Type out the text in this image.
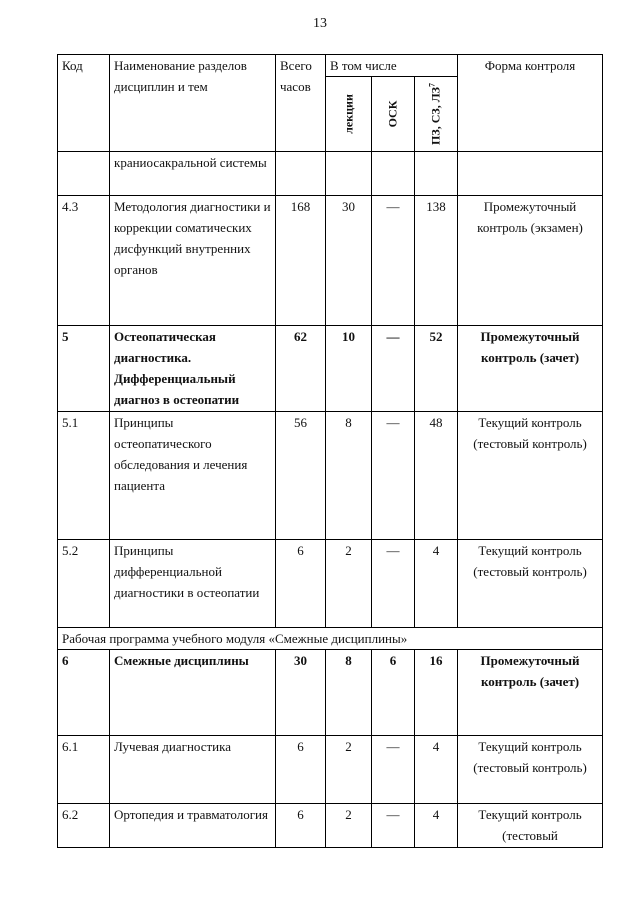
13
Код	Наименование разделов дисциплин и тем	Всего часов	В том числе			Форма контроля

			лекции	ОСК	ПЗ, СЗ, $ЛЗ^7$

	краниосакральной системы					
4.3	Методология диагностики и коррекции соматических дисфункций внутренних органов	168	30	—	138	Промежуточный контроль (экзамен)
5	Остеопатическая диагностика. Дифференциальный диагноз в остеопатии	62	10	—	52	Промежуточный контроль (зачет)
5.1	Принципы остеопатического обследования и лечения пациента	56	8	—	48	Текущий контроль (тестовый контроль)
5.2	Принципы дифференциальной диагностики в остеопатии	6	2	—	4	Текущий контроль (тестовый контроль)
Рабочая программа учебного модуля «Смежные дисциплины»						
6	Смежные дисциплины	30	8	6	16	Промежуточный контроль (зачет)
6.1	Лучевая диагностика	6	2	—	4	Текущий контроль (тестовый контроль)
6.2	Ортопедия и травматология	6	2	—	4	Текущий контроль (тестовый
